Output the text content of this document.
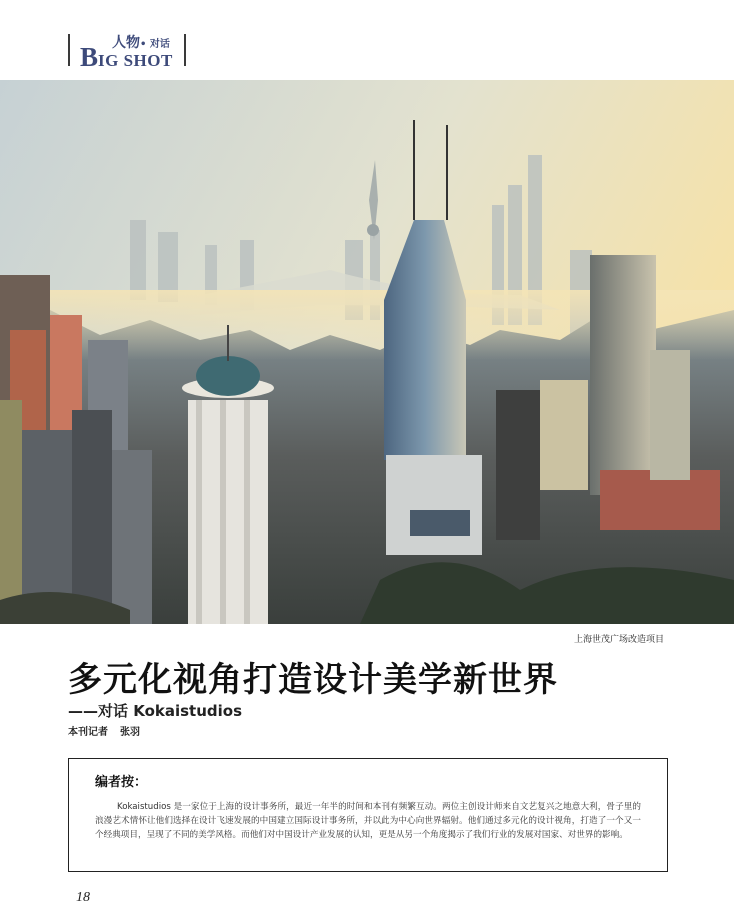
人物• 对话
BIG SHOT
上海世茂广场改造项目
多元化视角打造设计美学新世界
——对话 Kokaistudios
本刊记者 张羽
编者按：
Kokaistudios 是一家位于上海的设计事务所，最近一年半的时间和本刊有频繁互动。两位主创设计师来自文艺复兴之地意大利，骨子里的浪漫艺术情怀让他们选择在设计飞速发展的中国建立国际设计事务所，并以此为中心向世界辐射。他们通过多元化的设计视角，打造了一个又一个经典项目，呈现了不同的美学风格。而他们对中国设计产业发展的认知，更是从另一个角度揭示了我们行业的发展对国家、对世界的影响。
18
